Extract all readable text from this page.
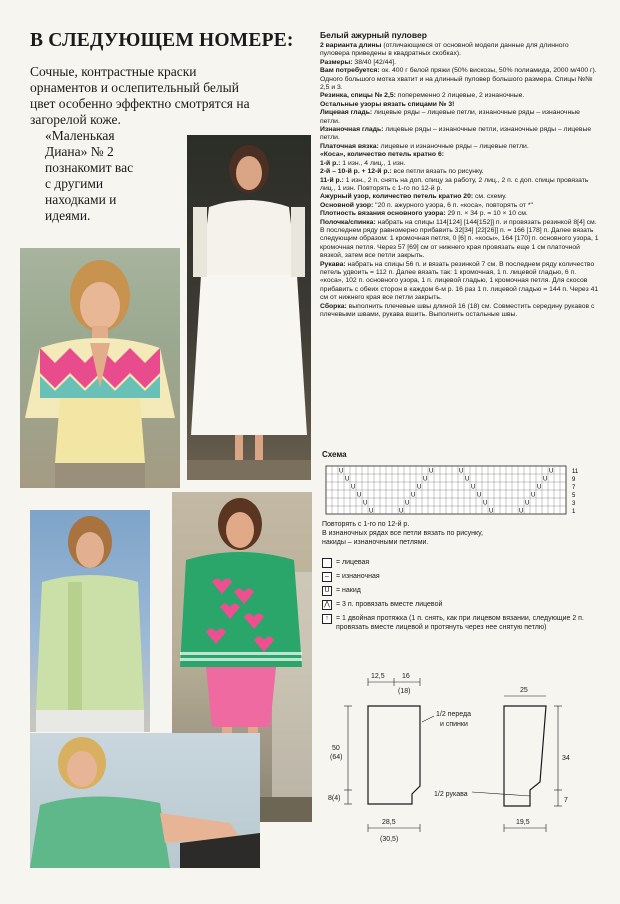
В СЛЕДУЮЩЕМ НОМЕРЕ:
Сочные, контрастные краски
орнаментов и ослепительный белый
цвет особенно эффектно смотрятся на
загорелой коже.
«Маленькая
Диана» № 2
познакомит вас
с другими
находками и
идеями.
Белый ажурный пуловер
2 варианта длины (отличающиеся от основной модели данные для длинного пуловера приведены в квадратных скобках).
Размеры: 38/40 [42/44].
Вам потребуется: ок. 400 г белой пряжи (50% вискозы, 50% полиамида, 2000 м/400 г). Одного большого мотка хватит и на длинный пуловер большого размера. Спицы №№ 2,5 и 3.
Резинка, спицы № 2,5: попеременно 2 лицевые, 2 изнаночные.
Остальные узоры вязать спицами № 3!
Лицевая гладь: лицевые ряды – лицевые петли, изнаночные ряды – изнаночные петли.
Изнаночная гладь: лицевые ряды – изнаночные петли, изнаночные ряды – лицевые петли.
Платочная вязка: лицевые и изнаночные ряды – лицевые петли.
«Коса», количество петель кратно 6:
1-й р.: 1 изн., 4 лиц., 1 изн.
2-й – 10-й р. + 12-й р.: все петли вязать по рисунку.
11-й р.: 1 изн., 2 п. снять на доп. спицу за работу, 2 лиц., 2 п. с доп. спицы провязать лиц., 1 изн. Повторять с 1-го по 12-й р.
Ажурный узор, количество петель кратно 20: см. схему.
Основной узор: "20 п. ажурного узора, 6 п. «коса», повторять от *"
Плотность вязания основного узора: 29 п. × 34 р. = 10 × 10 см.
Полочка/спинка: набрать на спицы 114[124] [144[152]] п. и провязать резинкой 8[4] см. В последнем ряду равномерно прибавить 32[34] [22[26]] п. = 166 [178] п. Далее вязать следующим образом: 1 кромочная петля, 0 [6] п. «косы», 164 [170] п. основного узора, 1 кромочная петля. Через 57 [69] см от нижнего края провязать еще 1 см платочной вязкой, затем все петли закрыть.
Рукава: набрать на спицы 56 п. и вязать резинкой 7 см. В последнем ряду количество петель удвоить = 112 п. Далее вязать так: 1 кромочная, 1 п. лицевой гладью, 6 п. «коса», 102 п. основного узора, 1 п. лицевой гладью, 1 кромочная петля. Для скосов прибавить с обеих сторон в каждом 6-м р. 16 раз 1 п. лицевой гладью = 144 п. Через 41 см от нижнего края все петли закрыть.
Сборка: выполнить плечевые швы длиной 16 (18) см. Совместить середину рукавов с плечевыми швами, рукава вшить. Выполнить остальные швы.
Схема
U	U
U	U
U	U
U	U
U	U
U	U
U	U
U	U
U	U
U	U
U	U
U	U
11
9
7
5
3
1
Повторять с 1-го по 12-й р.
В изнаночных рядах все петли вязать по рисунку,
накиды – изнаночными петлями.
= лицевая
–	= изнаночная
U = накид
⋀ = 3 п. провязать вместе лицевой
↑	= 1 двойная протяжка (1 п. снять, как при лицевом вязании, следующие 2 п. провязать вместе лицевой и протянуть через нее снятую петлю)
12,5 16
(18)
50
(64)
8(4)
28,5
(30,5)
1/2 переда
и спинки
25
34
7
19,5
1/2 рукава
